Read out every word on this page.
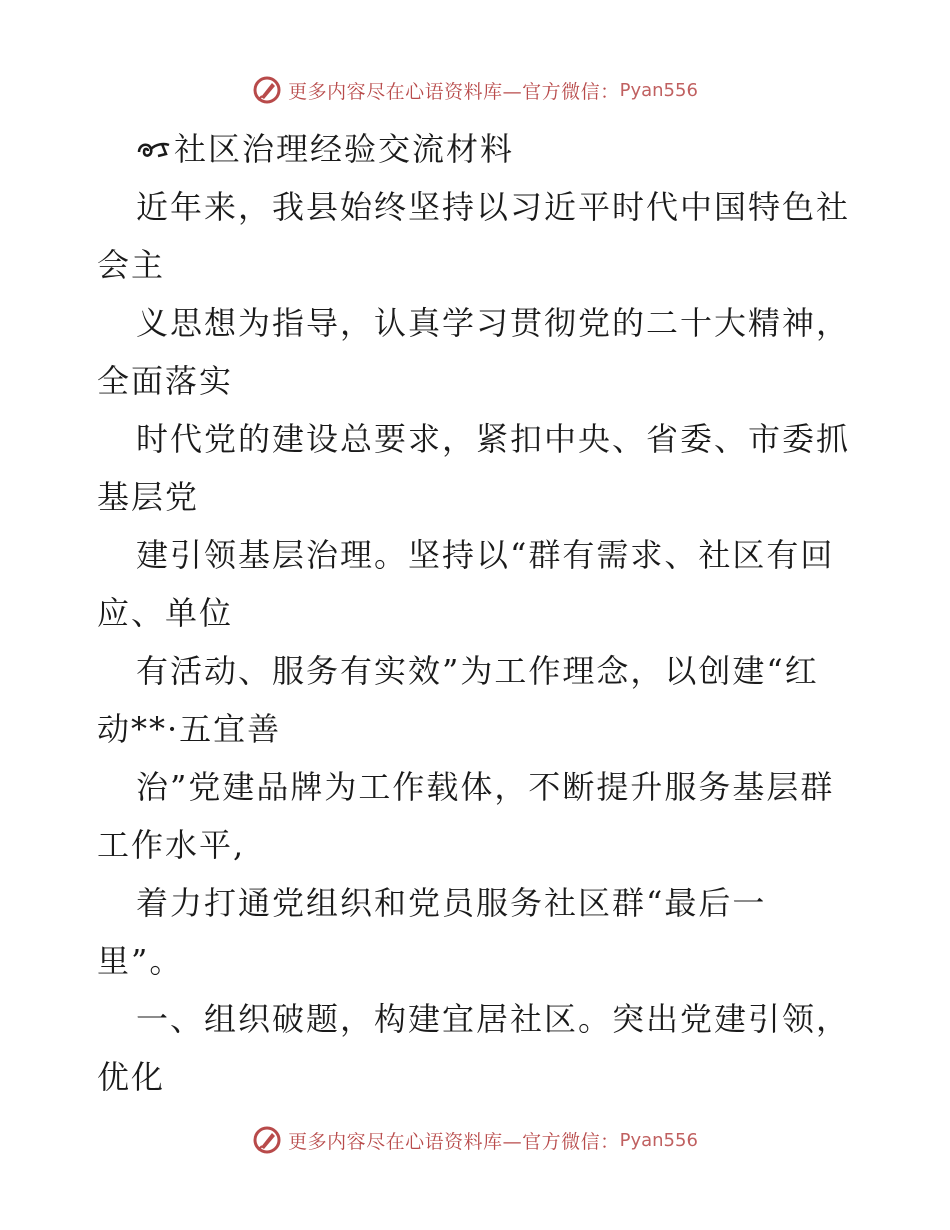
更多内容尽在心语资料库—官方微信： Pyan556
社区治理经验交流材料
近年来，我县始终坚持以习近平时代中国特色社
会主
义思想为指导，认真学习贯彻党的二十大精神，
全面落实
时代党的建设总要求，紧扣中央、省委、市委抓
基层党
建引领基层治理。坚持以“群有需求、社区有回
应、单位
有活动、服务有实效”为工作理念，以创建“红
动**·五宜善
治”党建品牌为工作载体，不断提升服务基层群
工作水平,
着力打通党组织和党员服务社区群“最后一
里”。
一、组织破题，构建宜居社区。突出党建引领，
优化
更多内容尽在心语资料库—官方微信： Pyan556
